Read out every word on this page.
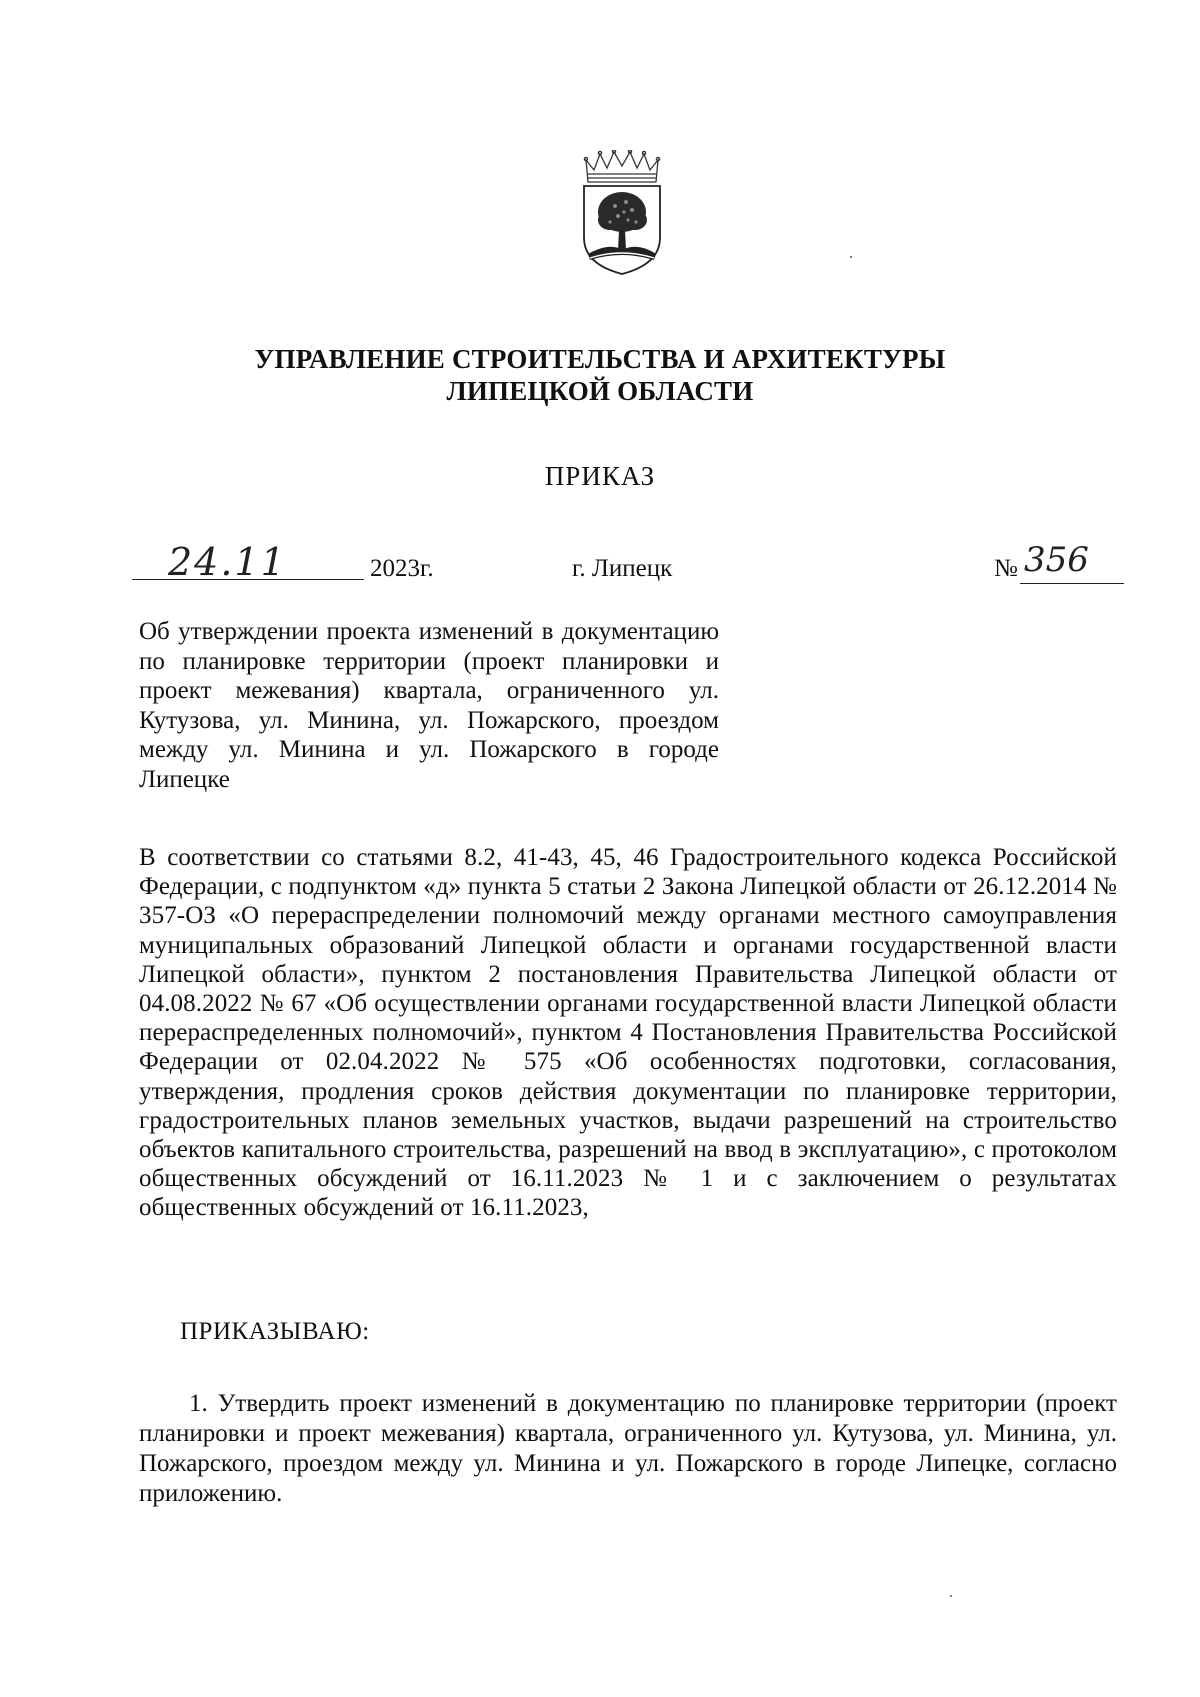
УПРАВЛЕНИЕ СТРОИТЕЛЬСТВА И АРХИТЕКТУРЫ
ЛИПЕЦКОЙ ОБЛАСТИ
ПРИКАЗ
24.11	2023г.	г. Липецк	№ 356
Об утверждении проекта изменений в документацию по планировке территории (проект планировки и проект межевания) квартала, ограниченного ул. Кутузова, ул. Минина, ул. Пожарского, проездом между ул. Минина и ул. Пожарского в городе Липецке
В соответствии со статьями 8.2, 41-43, 45, 46 Градостроительного кодекса Российской Федерации, с подпунктом «д» пункта 5 статьи 2 Закона Липецкой области от 26.12.2014 № 357-ОЗ «О перераспределении полномочий между органами местного самоуправления муниципальных образований Липецкой области и органами государственной власти Липецкой области», пунктом 2 постановления Правительства Липецкой области от 04.08.2022 № 67 «Об осуществлении органами государственной власти Липецкой области перераспределенных полномочий», пунктом 4 Постановления Правительства Российской Федерации от 02.04.2022 № 575 «Об особенностях подготовки, согласования, утверждения, продления сроков действия документации по планировке территории, градостроительных планов земельных участков, выдачи разрешений на строительство объектов капитального строительства, разрешений на ввод в эксплуатацию», с протоколом общественных обсуждений от 16.11.2023 № 1 и с заключением о результатах общественных обсуждений от 16.11.2023,
ПРИКАЗЫВАЮ:
1. Утвердить проект изменений в документацию по планировке территории (проект планировки и проект межевания) квартала, ограниченного ул. Кутузова, ул. Минина, ул. Пожарского, проездом между ул. Минина и ул. Пожарского в городе Липецке, согласно приложению.
